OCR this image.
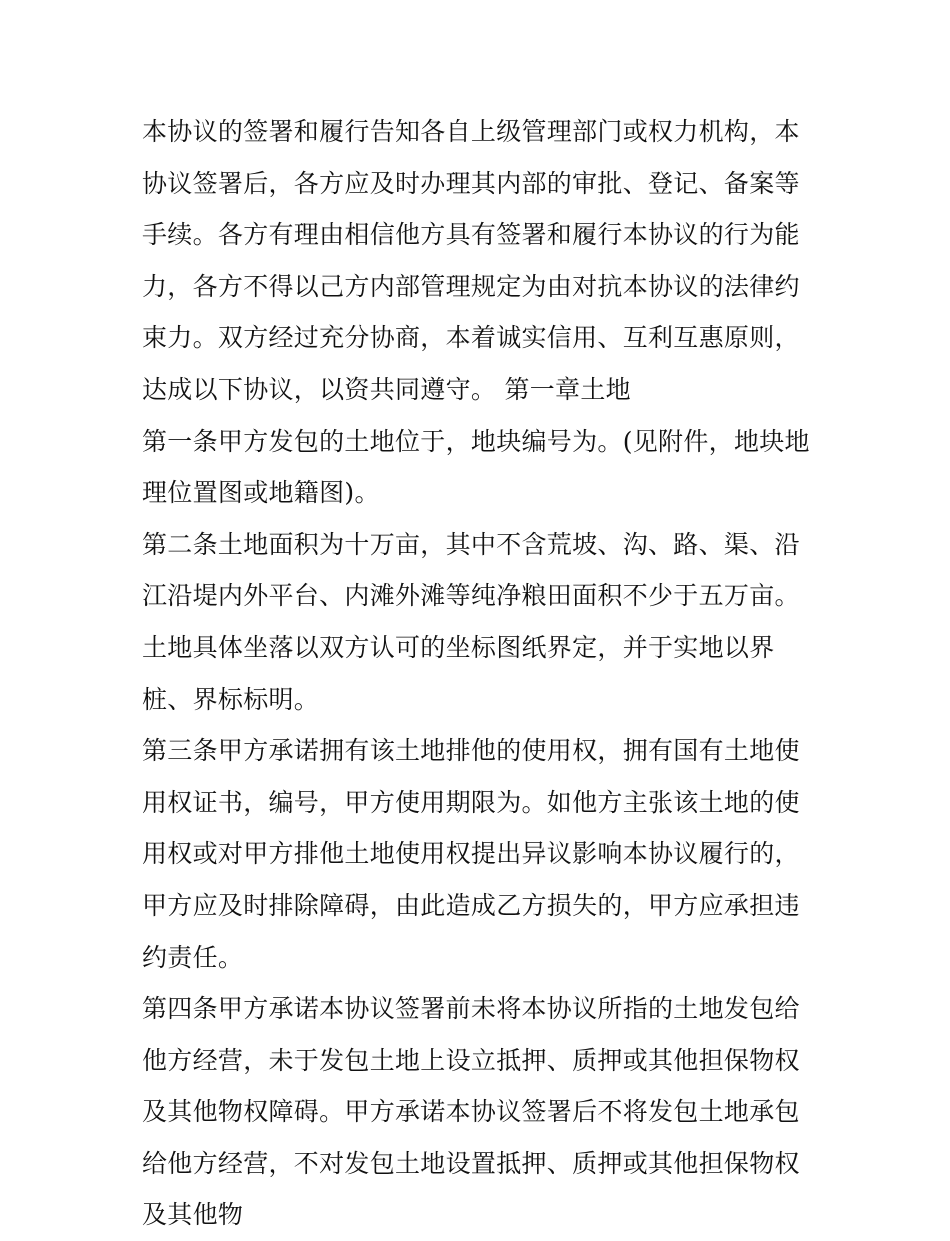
本协议的签署和履行告知各自上级管理部门或权力机构，本协议签署后，各方应及时办理其内部的审批、登记、备案等手续。各方有理由相信他方具有签署和履行本协议的行为能力，各方不得以己方内部管理规定为由对抗本协议的法律约束力。双方经过充分协商，本着诚实信用、互利互惠原则，达成以下协议，以资共同遵守。 第一章土地

第一条甲方发包的土地位于，地块编号为。(见附件，地块地理位置图或地籍图)。

第二条土地面积为十万亩，其中不含荒坡、沟、路、渠、沿江沿堤内外平台、内滩外滩等纯净粮田面积不少于五万亩。土地具体坐落以双方认可的坐标图纸界定，并于实地以界桩、界标标明。

第三条甲方承诺拥有该土地排他的使用权，拥有国有土地使用权证书，编号，甲方使用期限为。如他方主张该土地的使用权或对甲方排他土地使用权提出异议影响本协议履行的，甲方应及时排除障碍，由此造成乙方损失的，甲方应承担违约责任。

第四条甲方承诺本协议签署前未将本协议所指的土地发包给他方经营，未于发包土地上设立抵押、质押或其他担保物权及其他物权障碍。甲方承诺本协议签署后不将发包土地承包给他方经营，不对发包土地设置抵押、质押或其他担保物权及其他物
